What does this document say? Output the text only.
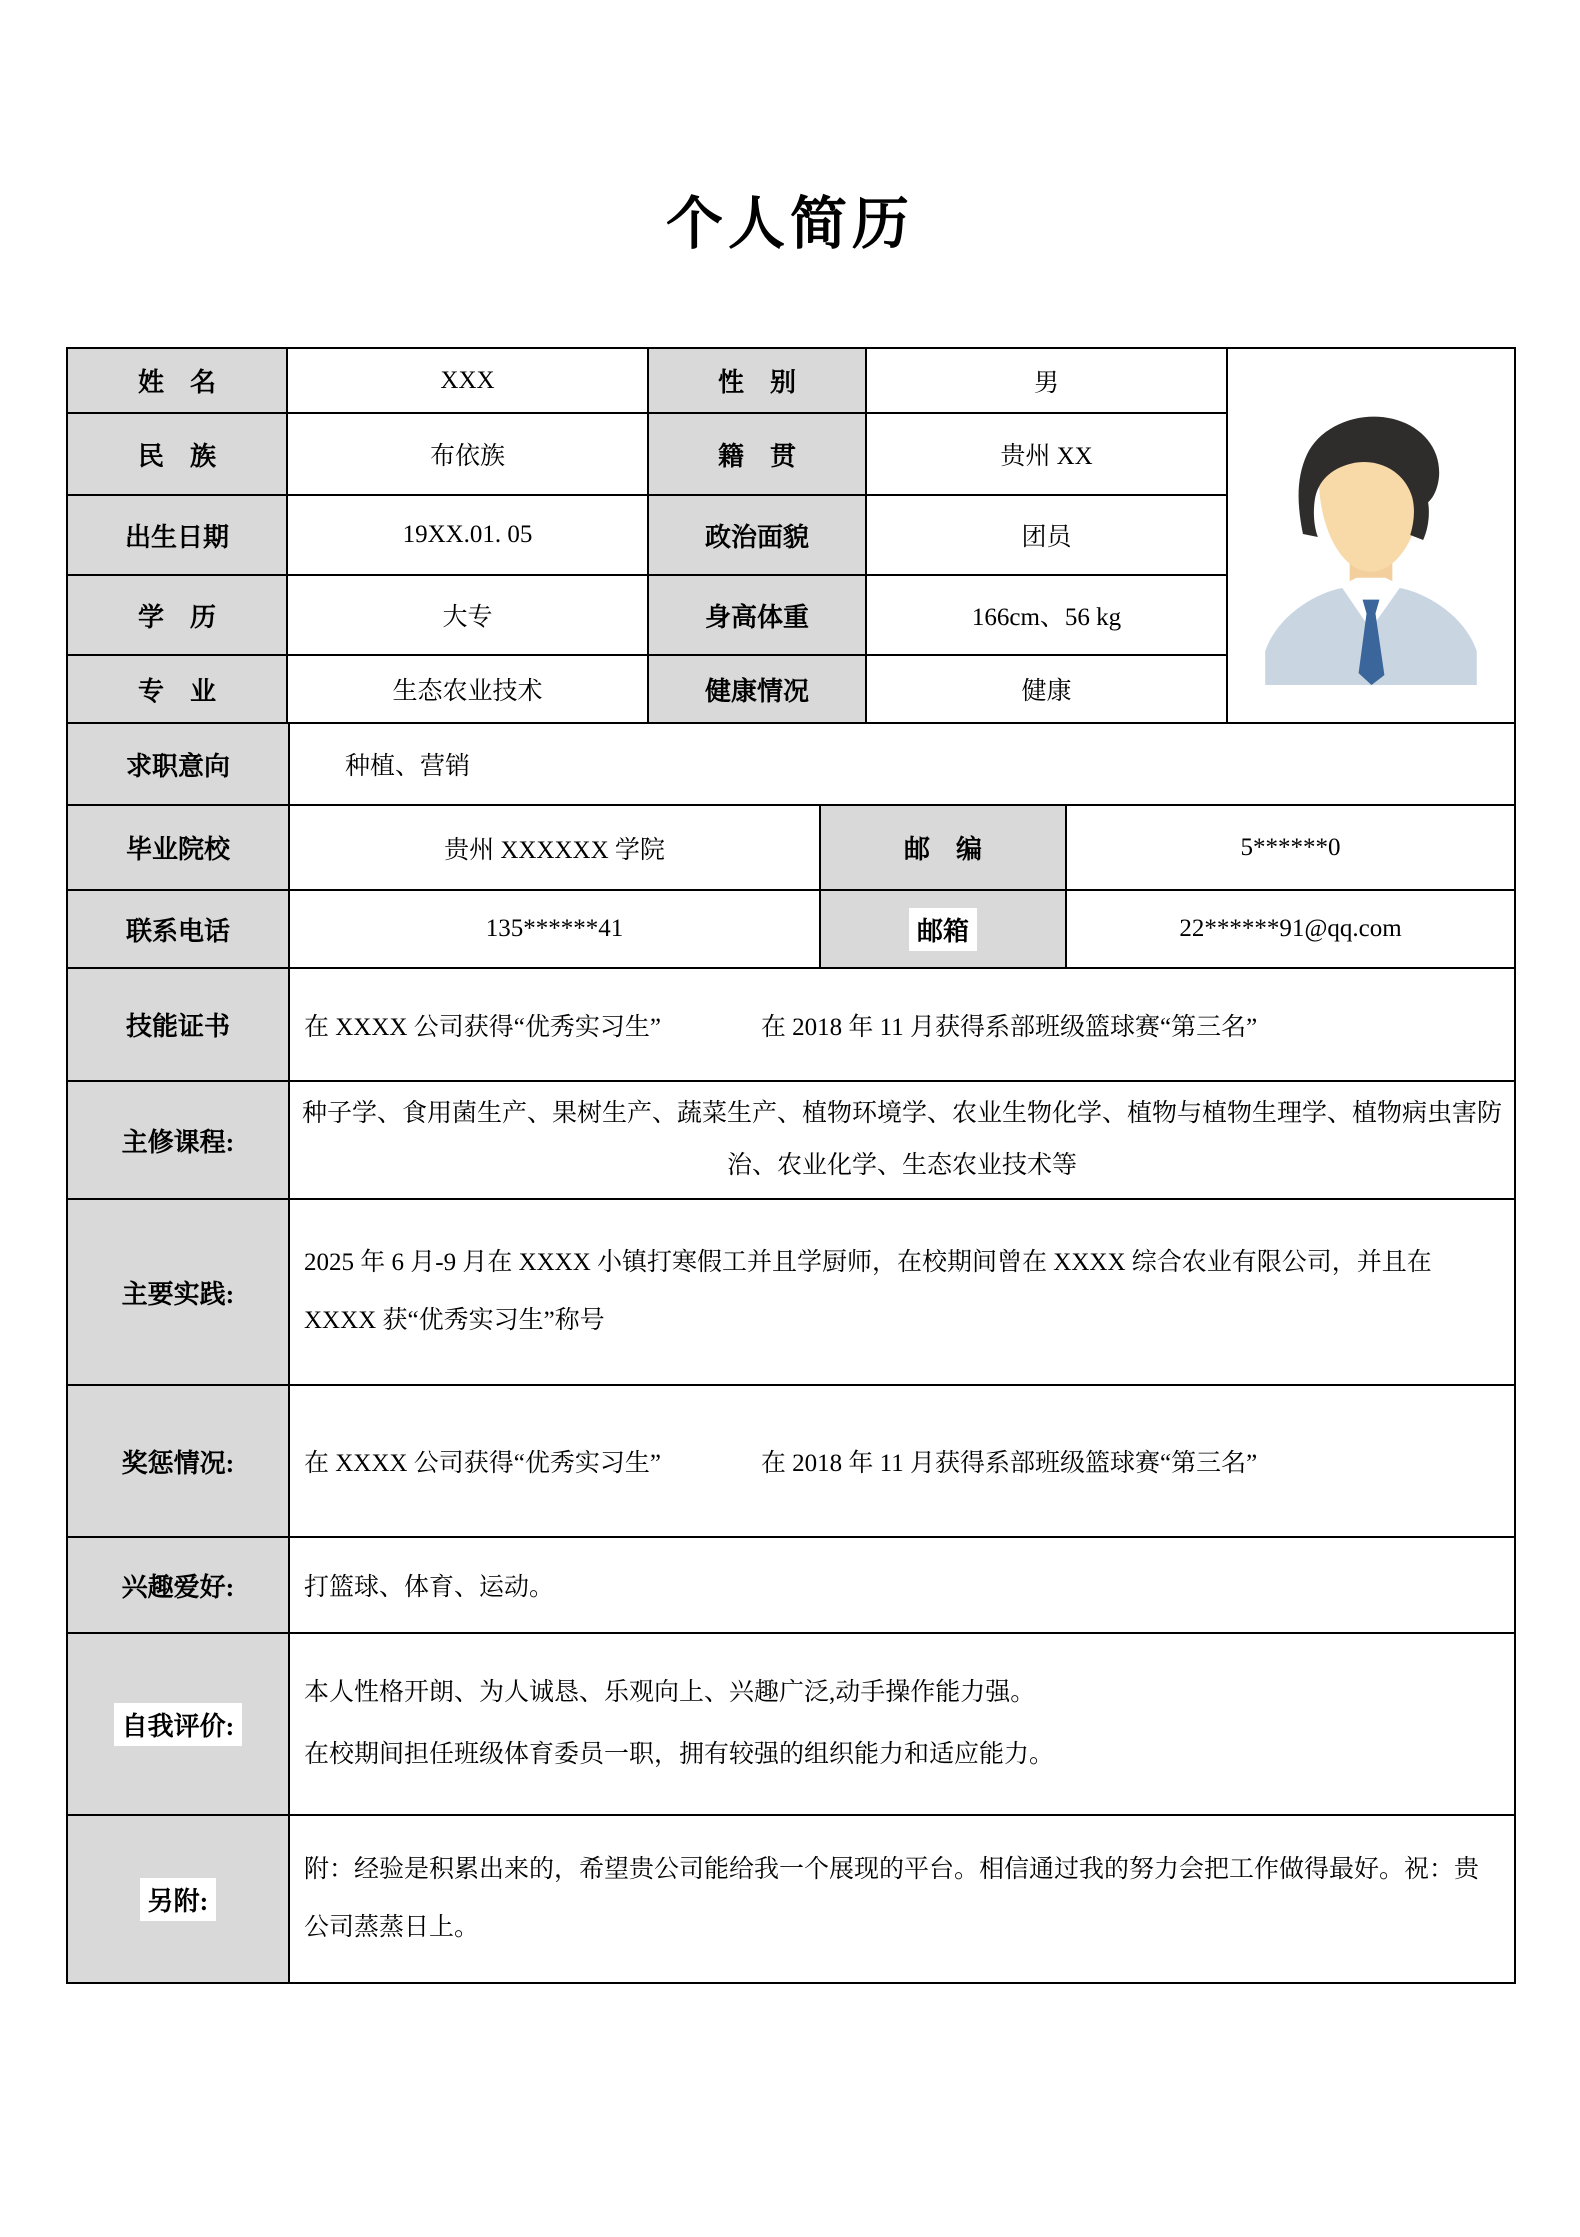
个人简历
姓　名	XXX	性　别	男
民　族	布依族	籍　贯	贵州 XX
出生日期	19XX.01. 05	政治面貌	团员
学　历	大专	身高体重	166cm、56 kg
专　业	生态农业技术	健康情况	健康
求职意向	种植、营销
毕业院校	贵州 XXXXXX 学院	邮　编	5******0
联系电话	135******41	邮箱	22******91@qq.com
技能证书	在 XXXX 公司获得“优秀实习生”　　　　在 2018 年 11 月获得系部班级篮球赛“第三名”
主修课程:
种子学、食用菌生产、果树生产、蔬菜生产、植物环境学、农业生物化学、植物与植物生理学、植物病虫害防治、农业化学、生态农业技术等
主要实践:
2025 年 6 月-9 月在 XXXX 小镇打寒假工并且学厨师，在校期间曾在 XXXX 综合农业有限公司，并且在 XXXX 获“优秀实习生”称号
奖惩情况:	在 XXXX 公司获得“优秀实习生”　　　　在 2018 年 11 月获得系部班级篮球赛“第三名”
兴趣爱好:	打篮球、体育、运动。
自我评价:
本人性格开朗、为人诚恳、乐观向上、兴趣广泛,动手操作能力强。
在校期间担任班级体育委员一职，拥有较强的组织能力和适应能力。
另附:
附：经验是积累出来的，希望贵公司能给我一个展现的平台。相信通过我的努力会把工作做得最好。祝：贵公司蒸蒸日上。
